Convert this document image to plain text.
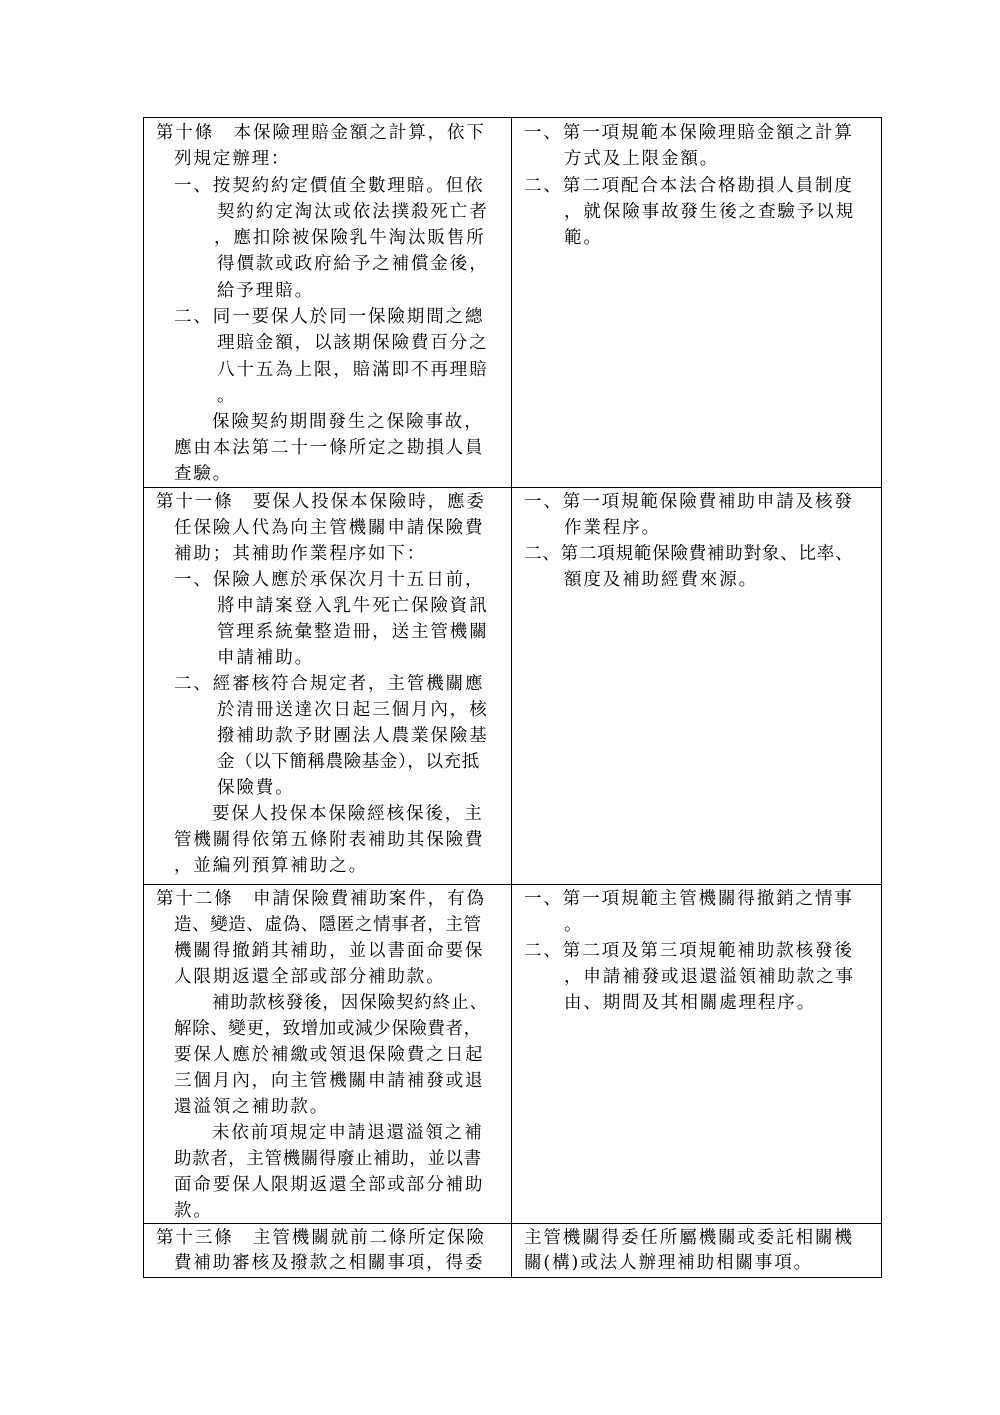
第十條　本保險理賠金額之計算，依下
列規定辦理：
一、按契約約定價值全數理賠。但依
契約約定淘汰或依法撲殺死亡者
，應扣除被保險乳牛淘汰販售所
得價款或政府給予之補償金後，
給予理賠。
二、同一要保人於同一保險期間之總
理賠金額，以該期保險費百分之
八十五為上限，賠滿即不再理賠
。
保險契約期間發生之保險事故，
應由本法第二十一條所定之勘損人員
查驗。
一、第一項規範本保險理賠金額之計算
方式及上限金額。
二、第二項配合本法合格勘損人員制度
，就保險事故發生後之查驗予以規
範。
第十一條　要保人投保本保險時，應委
任保險人代為向主管機關申請保險費
補助；其補助作業程序如下：
一、保險人應於承保次月十五日前，
將申請案登入乳牛死亡保險資訊
管理系統彙整造冊，送主管機關
申請補助。
二、經審核符合規定者，主管機關應
於清冊送達次日起三個月內，核
撥補助款予財團法人農業保險基
金（以下簡稱農險基金），以充抵
保險費。
要保人投保本保險經核保後，主
管機關得依第五條附表補助其保險費
，並編列預算補助之。
一、第一項規範保險費補助申請及核發
作業程序。
二、第二項規範保險費補助對象、比率、
額度及補助經費來源。
第十二條　申請保險費補助案件，有偽
造、變造、虛偽、隱匿之情事者，主管
機關得撤銷其補助，並以書面命要保
人限期返還全部或部分補助款。
補助款核發後，因保險契約終止、
解除、變更，致增加或減少保險費者，
要保人應於補繳或領退保險費之日起
三個月內，向主管機關申請補發或退
還溢領之補助款。
未依前項規定申請退還溢領之補
助款者，主管機關得廢止補助，並以書
面命要保人限期返還全部或部分補助
款。
一、第一項規範主管機關得撤銷之情事
。
二、第二項及第三項規範補助款核發後
，申請補發或退還溢領補助款之事
由、期間及其相關處理程序。
第十三條　主管機關就前二條所定保險
費補助審核及撥款之相關事項，得委
主管機關得委任所屬機關或委託相關機
關(構)或法人辦理補助相關事項。
